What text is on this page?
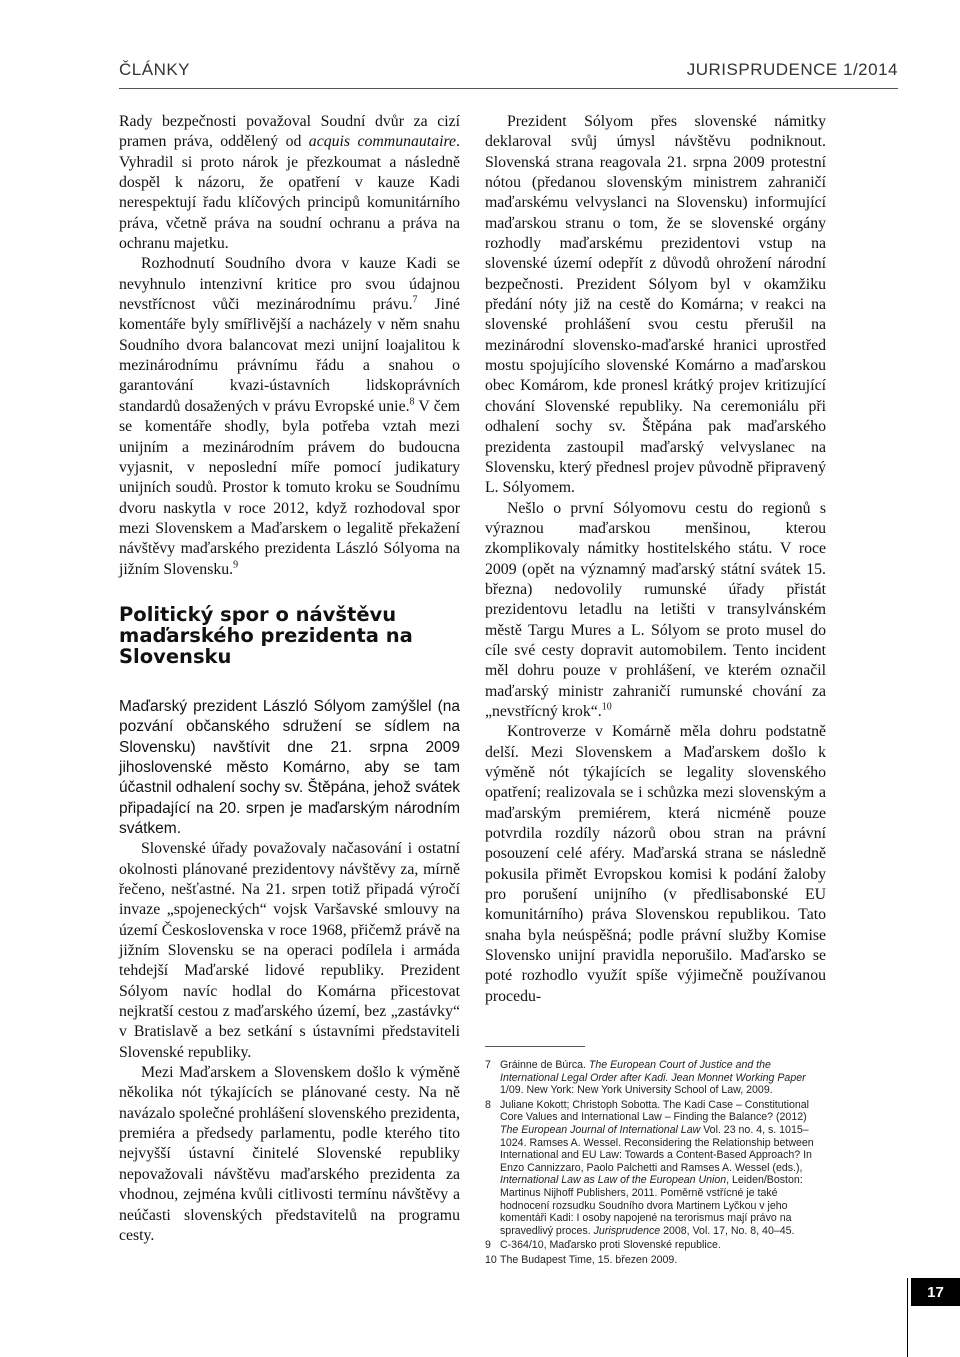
ČLÁNKY	JURISPRUDENCE 1/2014

Rady bezpečnosti považoval Soudní dvůr za cizí pramen práva, oddělený od acquis communautaire. Vyhradil si proto nárok je přezkoumat a následně dospěl k názoru, že opatření v kauze Kadi nerespektují řadu klíčových principů komunitárního práva, včetně práva na soudní ochranu a práva na ochranu majetku.

Rozhodnutí Soudního dvora v kauze Kadi se nevyhnulo intenzivní kritice pro svou údajnou nevstřícnost vůči mezinárodnímu právu.$^7$ Jiné komentáře byly smířlivější a nacházely v něm snahu Soudního dvora balancovat mezi unijní loajalitou k mezinárodnímu právnímu řádu a snahou o garantování kvazi-ústavních lidskoprávních standardů dosažených v právu Evropské unie.$^8$ V čem se komentáře shodly, byla potřeba vztah mezi unijním a mezinárodním právem do budoucna vyjasnit, v neposlední míře pomocí judikatury unijních soudů. Prostor k tomuto kroku se Soudnímu dvoru naskytla v roce 2012, když rozhodoval spor mezi Slovenskem a Maďarskem o legalitě překažení návštěvy maďarského prezidenta László Sólyoma na jižním Slovensku.$^9$

Politický spor o návštěvu maďarského prezidenta na Slovensku

Maďarský prezident László Sólyom zamýšlel (na pozvání občanského sdružení se sídlem na Slovensku) navštívit dne 21. srpna 2009 jihoslovenské město Komárno, aby se tam účastnil odhalení sochy sv. Štěpána, jehož svátek připadající na 20. srpen je maďarským národním svátkem.

Slovenské úřady považovaly načasování i ostatní okolnosti plánované prezidentovy návštěvy za, mírně řečeno, nešťastné. Na 21. srpen totiž připadá výročí invaze „spojeneckých“ vojsk Varšavské smlouvy na území Československa v roce 1968, přičemž právě na jižním Slovensku se na operaci podílela i armáda tehdejší Maďarské lidové republiky. Prezident Sólyom navíc hodlal do Komárna přicestovat nejkratší cestou z maďarského území, bez „zastávky“ v Bratislavě a bez setkání s ústavními představiteli Slovenské republiky.

Mezi Maďarskem a Slovenskem došlo k výměně několika nót týkajících se plánované cesty. Na ně navázalo společné prohlášení slovenského prezidenta, premiéra a předsedy parlamentu, podle kterého tito nejvyšší ústavní činitelé Slovenské republiky nepovažovali návštěvu maďarského prezidenta za vhodnou, zejména kvůli citlivosti termínu návštěvy a neúčasti slovenských představitelů na programu cesty.

Prezident Sólyom přes slovenské námitky deklaroval svůj úmysl návštěvu podniknout. Slovenská strana reagovala 21. srpna 2009 protestní nótou (předanou slovenským ministrem zahraničí maďarskému velvyslanci na Slovensku) informující maďarskou stranu o tom, že se slovenské orgány rozhodly maďarskému prezidentovi vstup na slovenské území odepřít z důvodů ohrožení národní bezpečnosti. Prezident Sólyom byl v okamžiku předání nóty již na cestě do Komárna; v reakci na slovenské prohlášení svou cestu přerušil na mezinárodní slovensko-maďarské hranici uprostřed mostu spojujícího slovenské Komárno a maďarskou obec Komárom, kde pronesl krátký projev kritizující chování Slovenské republiky. Na ceremoniálu při odhalení sochy sv. Štěpána pak maďarského prezidenta zastoupil maďarský velvyslanec na Slovensku, který přednesl projev původně připravený L. Sólyomem.

Nešlo o první Sólyomovu cestu do regionů s výraznou maďarskou menšinou, kterou zkomplikovaly námitky hostitelského státu. V roce 2009 (opět na významný maďarský státní svátek 15. března) nedovolily rumunské úřady přistát prezidentovu letadlu na letišti v transylvánském městě Targu Mures a L. Sólyom se proto musel do cíle své cesty dopravit automobilem. Tento incident měl dohru pouze v prohlášení, ve kterém označil maďarský ministr zahraničí rumunské chování za „nevstřícný krok“.$^{10}$

Kontroverze v Komárně měla dohru podstatně delší. Mezi Slovenskem a Maďarskem došlo k výměně nót týkajících se legality slovenského opatření; realizovala se i schůzka mezi slovenským a maďarským premiérem, která nicméně pouze potvrdila rozdíly názorů obou stran na právní posouzení celé aféry. Maďarská strana se následně pokusila přimět Evropskou komisi k podání žaloby pro porušení unijního (v předlisabonské EU komunitárního) práva Slovenskou republikou. Tato snaha byla neúspěšná; podle právní služby Komise Slovensko unijní pravidla neporušilo. Maďarsko se poté rozhodlo využít spíše výjimečně používanou procedu-

7 Gráinne de Búrca. The European Court of Justice and the International Legal Order after Kadi. Jean Monnet Working Paper 1/09. New York: New York University School of Law, 2009.
8 Juliane Kokott; Christoph Sobotta. The Kadi Case – Constitutional Core Values and International Law – Finding the Balance? (2012) The European Journal of International Law Vol. 23 no. 4, s. 1015–1024. Ramses A. Wessel. Reconsidering the Relationship between International and EU Law: Towards a Content-Based Approach? In Enzo Cannizzaro, Paolo Palchetti and Ramses A. Wessel (eds.), International Law as Law of the European Union, Leiden/Boston: Martinus Nijhoff Publishers, 2011. Poměrně vstřícné je také hodnocení rozsudku Soudního dvora Martinem Lyčkou v jeho komentáři Kadi: I osoby napojené na terorismus mají právo na spravedlivý proces. Jurisprudence 2008, Vol. 17, No. 8, 40–45.
9 C-364/10, Maďarsko proti Slovenské republice.
10 The Budapest Time, 15. březen 2009.
17
